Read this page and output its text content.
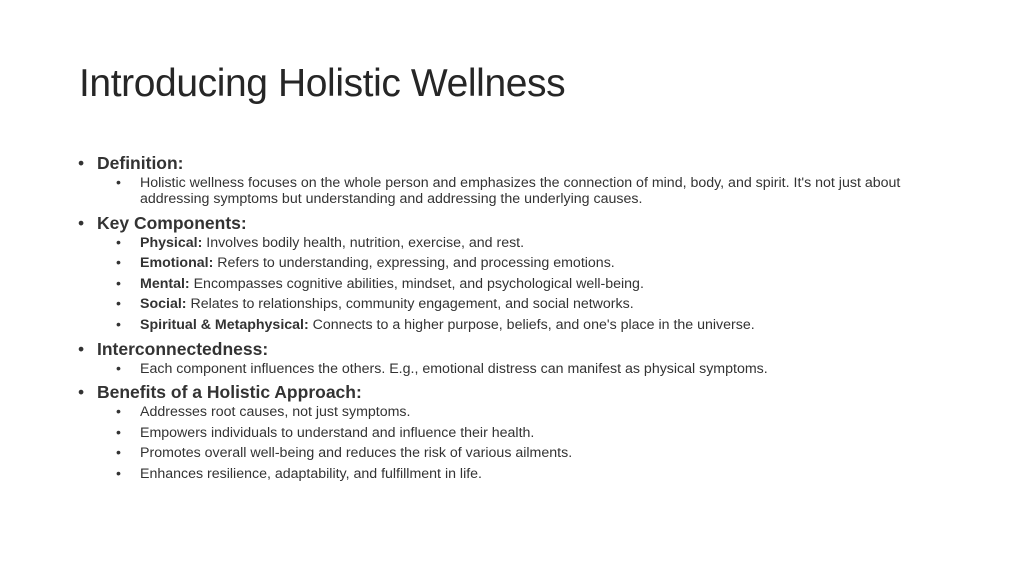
Introducing Holistic Wellness
• Definition:
• Holistic wellness focuses on the whole person and emphasizes the connection of mind, body, and spirit. It's not just about addressing symptoms but understanding and addressing the underlying causes.
• Key Components:
• Physical: Involves bodily health, nutrition, exercise, and rest.
• Emotional: Refers to understanding, expressing, and processing emotions.
• Mental: Encompasses cognitive abilities, mindset, and psychological well-being.
• Social: Relates to relationships, community engagement, and social networks.
• Spiritual & Metaphysical: Connects to a higher purpose, beliefs, and one's place in the universe.
• Interconnectedness:
• Each component influences the others. E.g., emotional distress can manifest as physical symptoms.
• Benefits of a Holistic Approach:
• Addresses root causes, not just symptoms.
• Empowers individuals to understand and influence their health.
• Promotes overall well-being and reduces the risk of various ailments.
• Enhances resilience, adaptability, and fulfillment in life.
